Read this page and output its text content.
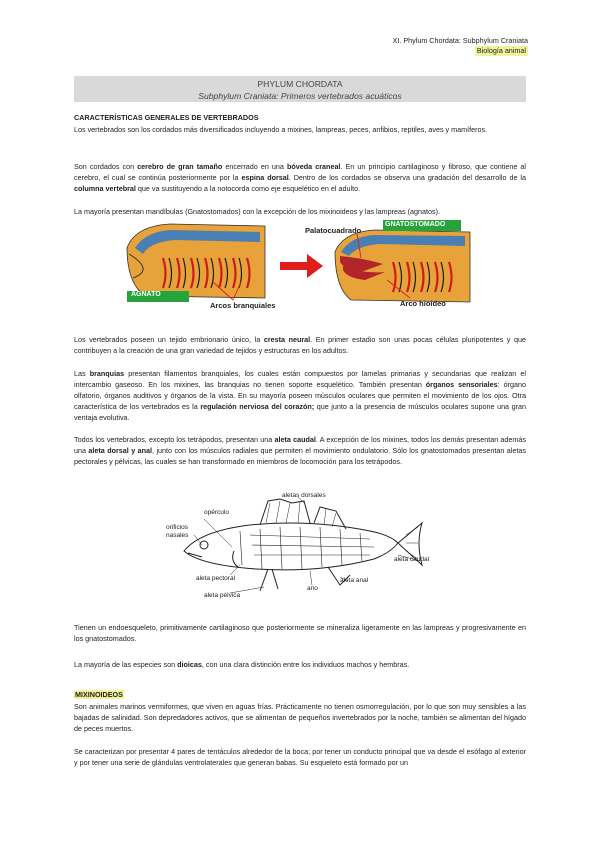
XI. Phylum Chordata: Subphylum Craniata
Biología animal
PHYLUM CHORDATA
Subphylum Craniata: Primeros vertebrados acuáticos

CARACTERÍSTICAS GENERALES DE VERTEBRADOS

Los vertebrados son los cordados más diversificados incluyendo a mixines, lampreas, peces, anfibios, reptiles, aves y mamíferos.

Son cordados con cerebro de gran tamaño encerrado en una bóveda craneal. En un principio cartilaginoso y fibroso, que contiene al cerebro, el cual se continúa posteriormente por la espina dorsal. Dentro de los cordados se observa una gradación del desarrollo de la columna vertebral que va sustituyendo a la notocorda como eje esquelético en el adulto.

La mayoría presentan mandíbulas (Gnatostomados) con la excepción de los mixinoideos y las lampreas (agnatos).

AGNATO
GNATOSTOMADO
Arcos branquiales
Palatocuadrado
Arco hioideo

Los vertebrados poseen un tejido embrionario único, la cresta neural. En primer estadio son unas pocas células pluripotentes y que contribuyen a la creación de una gran variedad de tejidos y estructuras en los adultos.

Las branquias presentan filamentos branquiales, los cuales están compuestos por lamelas primarias y secundarias que realizan el intercambio gaseoso. En los mixines, las branquias no tienen soporte esquelético. También presentan órganos sensoriales: órgano olfatorio, órganos auditivos y órganos de la vista. En su mayoría poseen músculos oculares que permiten el movimiento de los ojos. Otra característica de los vertebrados es la regulación nerviosa del corazón; que junto a la presencia de músculos oculares supone una gran ventaja evolutiva.

Todos los vertebrados, excepto los tetrápodos, presentan una aleta caudal. A excepción de los mixines, todos los demás presentan además una aleta dorsal y anal, junto con los músculos radiales que permiten el movimiento ondulatorio. Sólo los gnatostomados presentan aletas pectorales y pélvicas, las cuales se han transformado en miembros de locomoción para los tetrápodos.

opérculo
aletas dorsales
orificios
nasales
aleta caudal
aleta pectoral	aleta anal
ano
aleta pélvica

Tienen un endoesqueleto, primitivamente cartilaginoso que posteriormente se mineraliza ligeramente en las lampreas y progresivamente en los gnatostomados.

La mayoría de las especies son dioicas, con una clara distinción entre los individuos machos y hembras.

MIXINOIDEOS

Son animales marinos vermiformes, que viven en aguas frías. Prácticamente no tienen osmorregulación, por lo que son muy sensibles a las bajadas de salinidad. Son depredadores activos, que se alimentan de pequeños invertebrados por la noche, también se alimentan del hígado de peces muertos.

Se caracterizan por presentar 4 pares de tentáculos alrededor de la boca; por tener un conducto principal que va desde el esófago al exterior y por tener una serie de glándulas ventrolaterales que generan babas. Su esqueleto está formado por un
